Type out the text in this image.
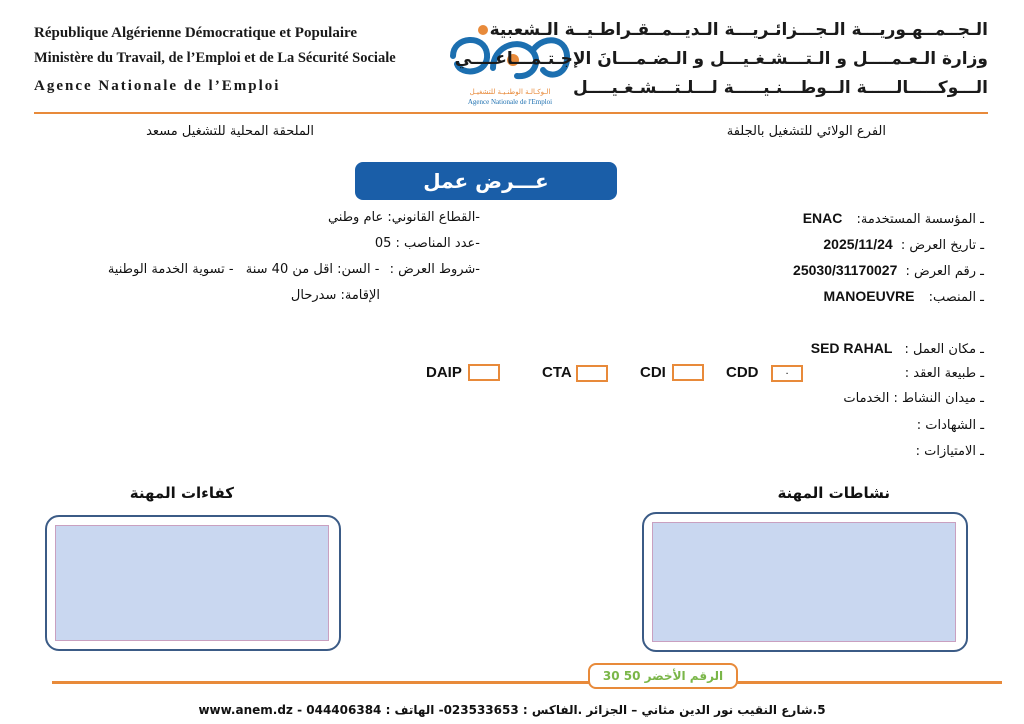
République Algérienne Démocratique et Populaire
Ministère du Travail, de l’Emploi et de La Sécurité Sociale
Agence Nationale de l’Emploi	الـوكـالـة الوطنـيـة للتشغيـل
Agence Nationale de l'Emploi
الـجــمــهـوريـــة الـجـــزائـريـــة الـديــمــقـراطـيــة الـشعبية
وزارة الـعـمــــل و الـتـــشـغـيـــل و الـضـمـــانَ الإجـتـمـــاعــــي
الـــوكـــــالـــــة الــوطـــنـيـــــة لـــلـتـــشـغـيــــل
الفرع الولائي للتشغيل بالجلفة
الملحقة المحلية للتشغيل مسعد
عـــرض عمل
ـ المؤسسة المستخدمة: ENAC
ـ تاريخ العرض : 2025/11/24
ـ رقم العرض : 25030/31170027
ـ المنصب: MANOEUVRE
-القطاع القانوني: عام وطني
-عدد المناصب : 05
-شروط العرض : - السن: اقل من 40 سنة - تسوية الخدمة الوطنية
الإقامة: سدرحال
ـ مكان العمل : SED RAHAL
ـ طبيعة العقد :
CDD	٠
CDI
CTA
DAIP
ـ ميدان النشاط : الخدمات
ـ الشهادات :
ـ الامتيازات :
نشاطات المهنة
كفاءات المهنة
الرقم الأخضر 50 30
5.شارع النقيب نور الدين مثاني – الجزائر .الفاكس : 023533653- الهاتف : 044406384 - www.anem.dz
